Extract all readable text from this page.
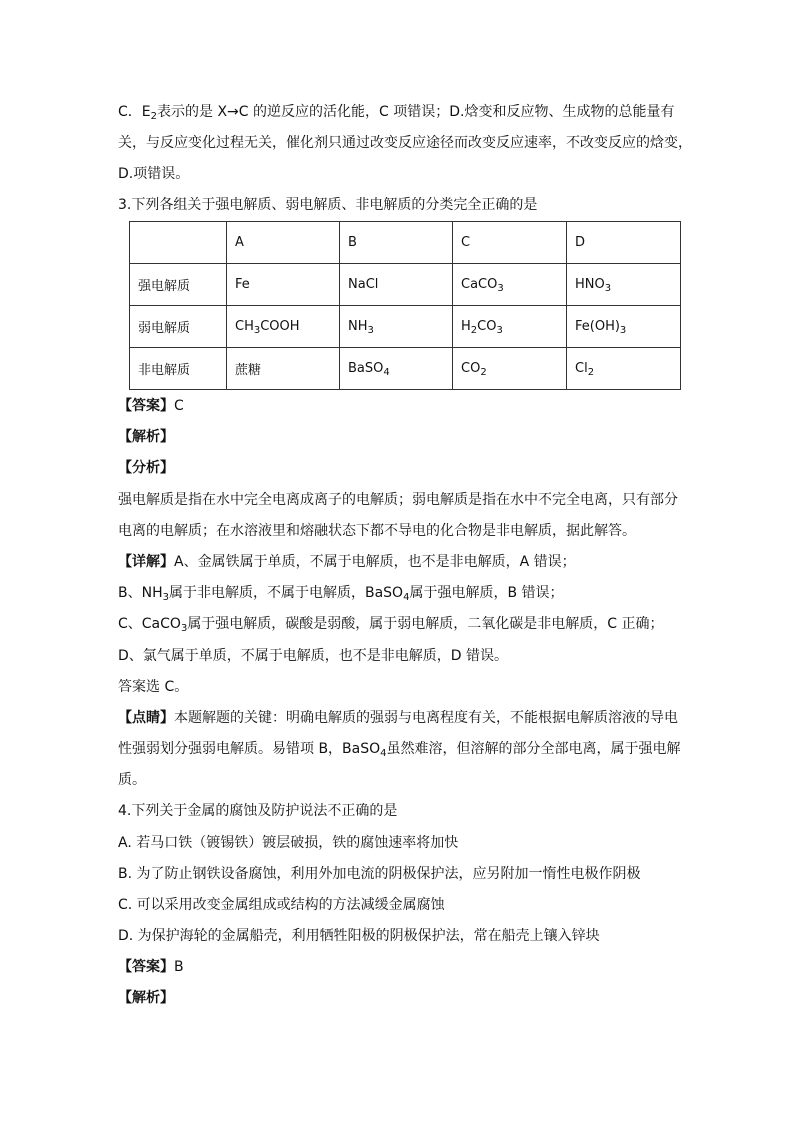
C．$E_2$表示的是 X→C 的逆反应的活化能，C 项错误；D.焓变和反应物、生成物的总能量有
关，与反应变化过程无关，催化剂只通过改变反应途径而改变反应速率，不改变反应的焓变，
D.项错误。
3.下列各组关于强电解质、弱电解质、非电解质的分类完全正确的是
	A	B	C	D
强电解质	Fe	NaCl	CaCO$_3$	$HNO_3$
弱电解质	$CH_3COOH$	$NH_3$	$H_2CO_3$	$Fe(OH)_3$
非电解质	蔗糖	BaSO$_4$	$CO_2$	$Cl_2$
【答案】C
【解析】
【分析】
强电解质是指在水中完全电离成离子的电解质；弱电解质是指在水中不完全电离，只有部分
电离的电解质；在水溶液里和熔融状态下都不导电的化合物是非电解质，据此解答。
【详解】A、金属铁属于单质，不属于电解质，也不是非电解质，A 错误；
B、$NH_3$属于非电解质，不属于电解质，BaSO$_4$属于强电解质，B 错误；
C、CaCO$_3$属于强电解质，碳酸是弱酸，属于弱电解质，二氧化碳是非电解质，C 正确；
D、氯气属于单质，不属于电解质，也不是非电解质，D 错误。
答案选 C。
【点睛】本题解题的关键：明确电解质的强弱与电离程度有关，不能根据电解质溶液的导电
性强弱划分强弱电解质。易错项 B，BaSO$_4$虽然难溶，但溶解的部分全部电离，属于强电解
质。
4.下列关于金属的腐蚀及防护说法不正确的是
A. 若马口铁（镀锡铁）镀层破损，铁的腐蚀速率将加快
B. 为了防止钢铁设备腐蚀，利用外加电流的阴极保护法，应另附加一惰性电极作阴极
C. 可以采用改变金属组成或结构的方法减缓金属腐蚀
D. 为保护海轮的金属船壳，利用牺牲阳极的阴极保护法，常在船壳上镶入锌块
【答案】B
【解析】
